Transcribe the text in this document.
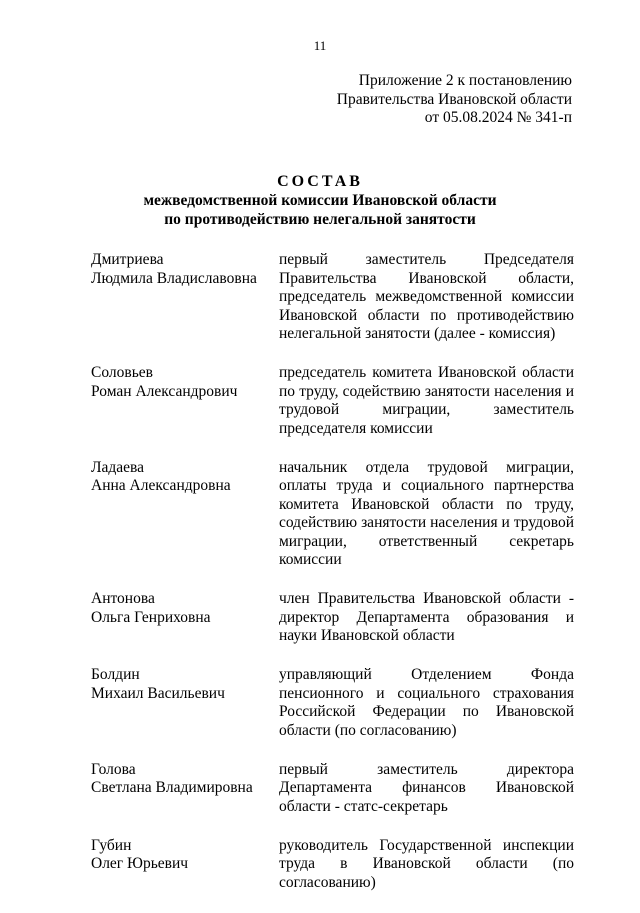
11
Приложение 2 к постановлению
Правительства Ивановской области
от 05.08.2024 № 341-п
СОСТАВ
межведомственной комиссии Ивановской области
по противодействию нелегальной занятости
Дмитриева
Людмила Владиславовна
первый заместитель Председателя Правительства Ивановской области, председатель межведомственной комиссии Ивановской области по противодействию нелегальной занятости (далее - комиссия)
Соловьев
Роман Александрович
председатель комитета Ивановской области по труду, содействию занятости населения и трудовой миграции, заместитель председателя комиссии
Ладаева
Анна Александровна
начальник отдела трудовой миграции, оплаты труда и социального партнерства комитета Ивановской области по труду, содействию занятости населения и трудовой миграции, ответственный секретарь комиссии
Антонова
Ольга Генриховна
член Правительства Ивановской области - директор Департамента образования и науки Ивановской области
Болдин
Михаил Васильевич
управляющий Отделением Фонда пенсионного и социального страхования Российской Федерации по Ивановской области (по согласованию)
Голова
Светлана Владимировна
первый заместитель директора Департамента финансов Ивановской области - статс-секретарь
Губин
Олег Юрьевич
руководитель Государственной инспекции труда в Ивановской области (по согласованию)
